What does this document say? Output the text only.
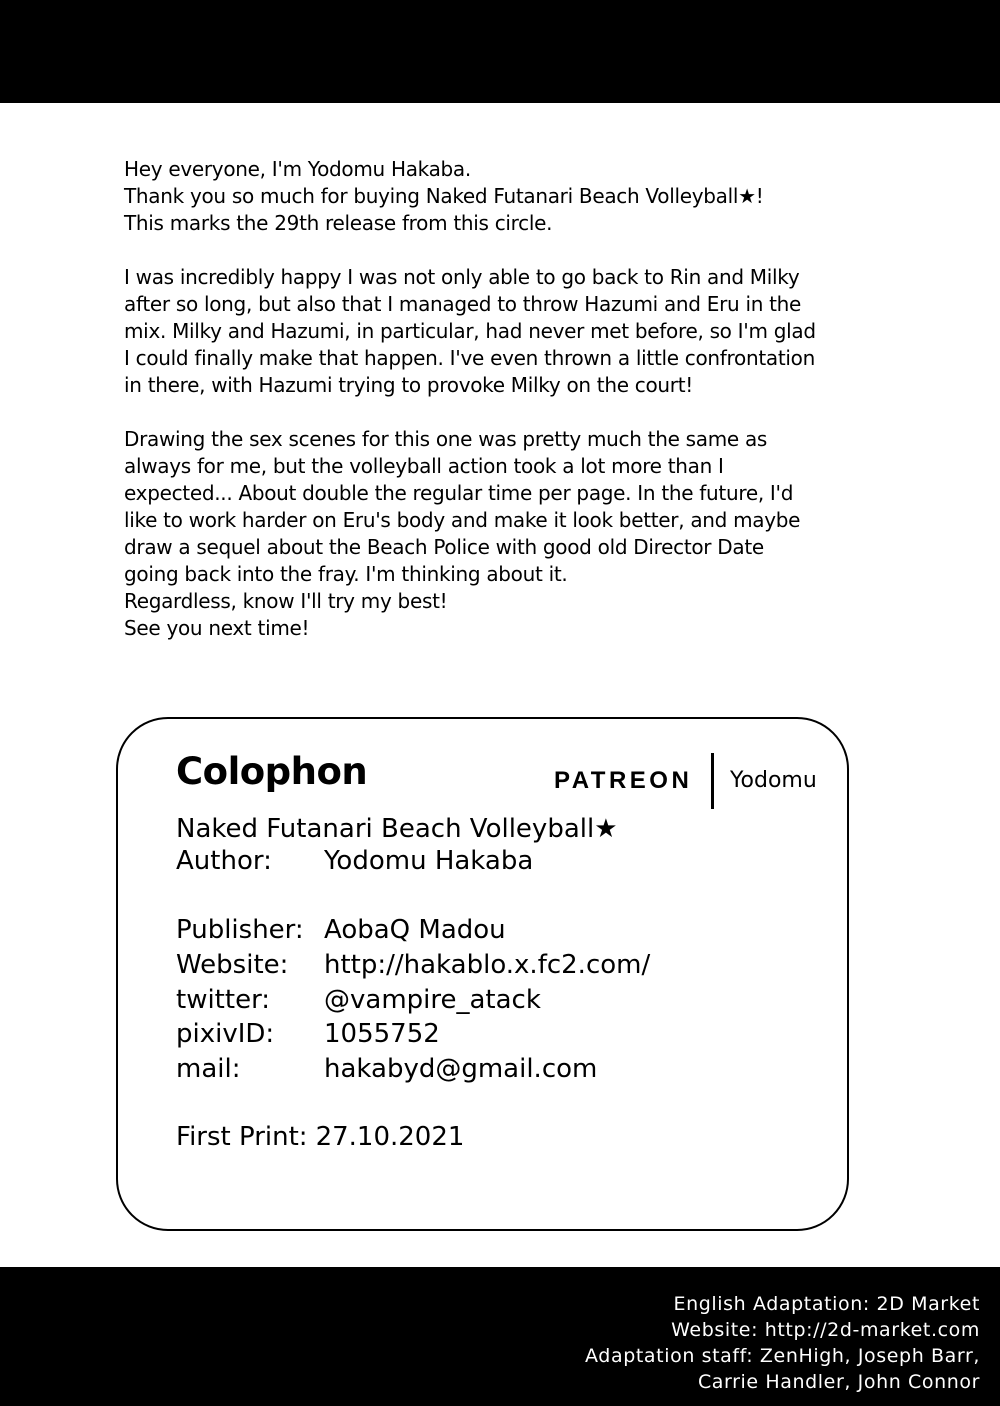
Hey everyone, I'm Yodomu Hakaba.
Thank you so much for buying Naked Futanari Beach Volleyball★!
This marks the 29th release from this circle.

I was incredibly happy I was not only able to go back to Rin and Milky
after so long, but also that I managed to throw Hazumi and Eru in the
mix. Milky and Hazumi, in particular, had never met before, so I'm glad
I could finally make that happen. I've even thrown a little confrontation
in there, with Hazumi trying to provoke Milky on the court!

Drawing the sex scenes for this one was pretty much the same as
always for me, but the volleyball action took a lot more than I
expected... About double the regular time per page. In the future, I'd
like to work harder on Eru's body and make it look better, and maybe
draw a sequel about the Beach Police with good old Director Date
going back into the fray. I'm thinking about it.
Regardless, know I'll try my best!
See you next time!

Colophon	PATREON Yodomu
Naked Futanari Beach Volleyball★
Author: Yodomu Hakaba
Publisher: AobaQ Madou
Website: http://hakablo.x.fc2.com/
twitter: @vampire_atack
pixivID: 1055752
mail:	hakabyd@gmail.com
First Print: 27.10.2021
English Adaptation: 2D Market
Website: http://2d-market.com
Adaptation staff: ZenHigh, Joseph Barr,
Carrie Handler, John Connor
